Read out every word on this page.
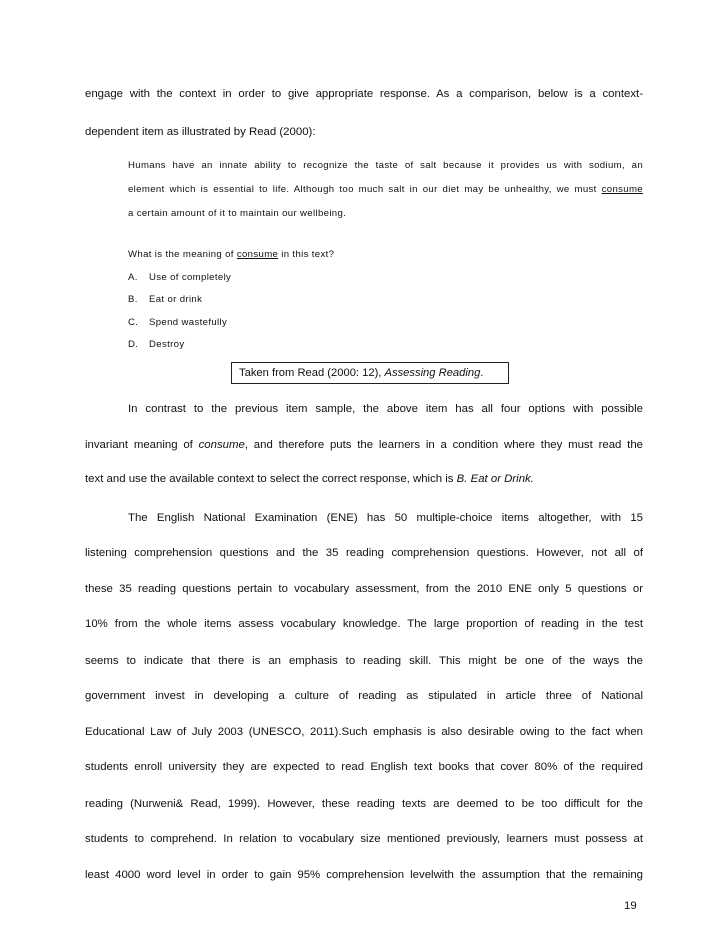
engage with the context in order to give appropriate response. As a comparison, below is a context-
dependent item as illustrated by Read (2000):
Humans have an innate ability to recognize the taste of salt because it provides us with sodium, an
element which is essential to life. Although too much salt in our diet may be unhealthy, we must consume
a certain amount of it to maintain our wellbeing.
What is the meaning of consume in this text?
A. Use of completely
B. Eat or drink
C. Spend wastefully
D. Destroy
Taken from Read (2000: 12), Assessing Reading.
In contrast to the previous item sample, the above item has all four options with possible
invariant meaning of consume, and therefore puts the learners in a condition where they must read the
text and use the available context to select the correct response, which is B. Eat or Drink.
The English National Examination (ENE) has 50 multiple-choice items altogether, with 15
listening comprehension questions and the 35 reading comprehension questions. However, not all of
these 35 reading questions pertain to vocabulary assessment, from the 2010 ENE only 5 questions or
10% from the whole items assess vocabulary knowledge. The large proportion of reading in the test
seems to indicate that there is an emphasis to reading skill. This might be one of the ways the
government invest in developing a culture of reading as stipulated in article three of National
Educational Law of July 2003 (UNESCO, 2011).Such emphasis is also desirable owing to the fact when
students enroll university they are expected to read English text books that cover 80% of the required
reading (Nurweni& Read, 1999). However, these reading texts are deemed to be too difficult for the
students to comprehend. In relation to vocabulary size mentioned previously, learners must possess at
least 4000 word level in order to gain 95% comprehension levelwith the assumption that the remaining
19
